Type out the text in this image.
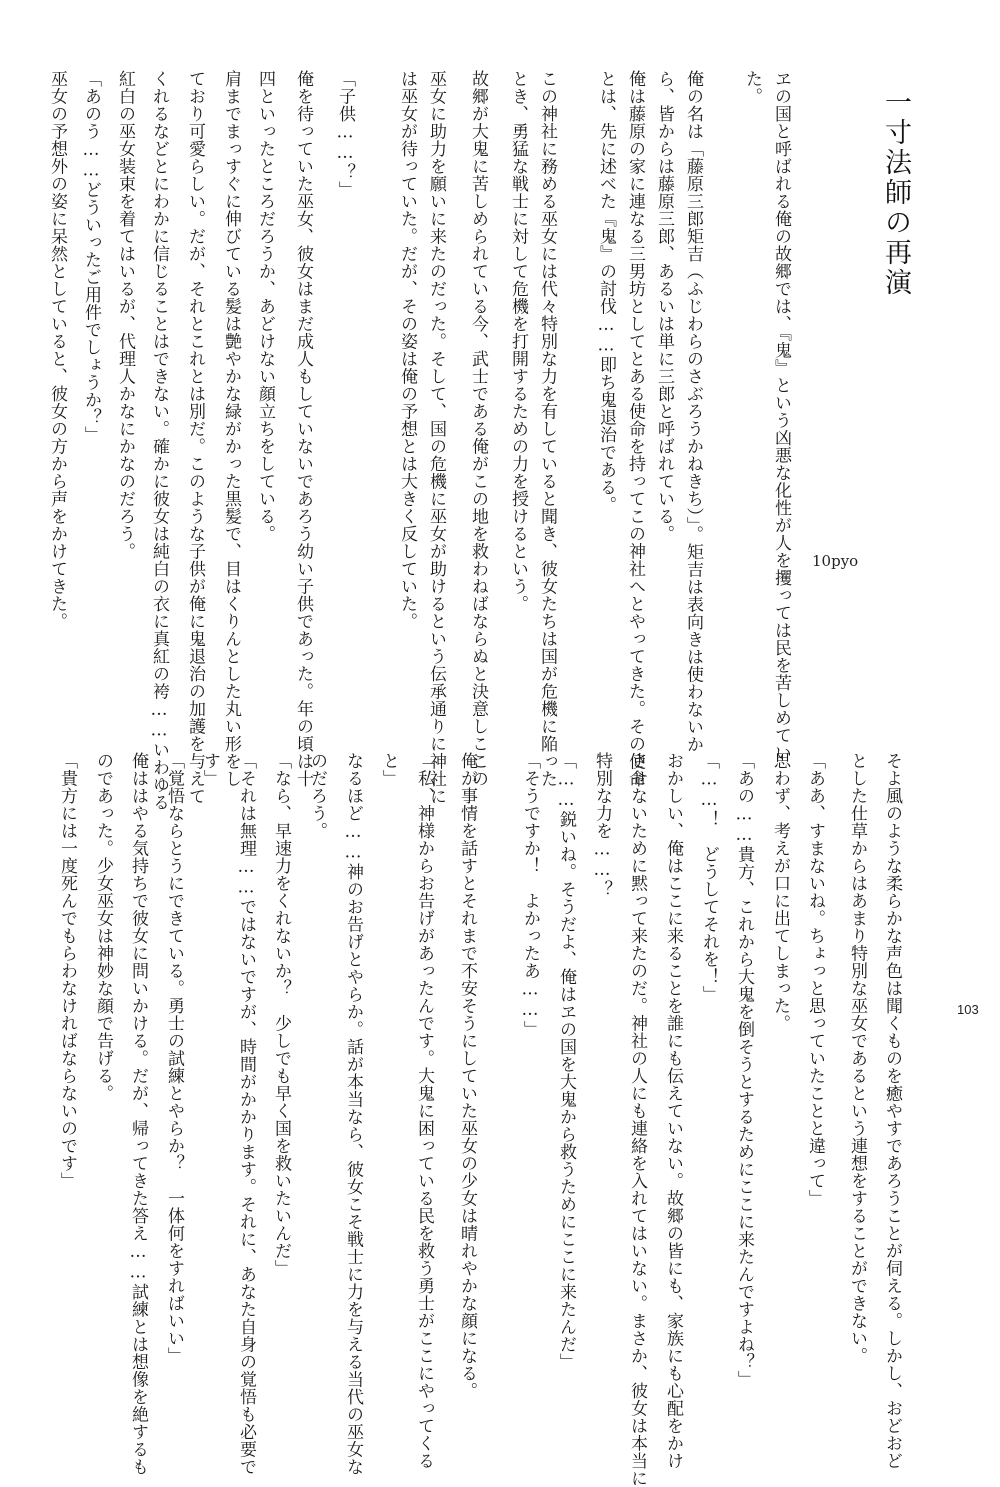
一寸法師の再演
10pyo
ヱの国と呼ばれる俺の故郷では、『鬼』という凶悪な化性が人を攫っては民を苦しめてい
た。
俺の名は「藤原三郎矩吉（ふじわらのさぶろうかねきち）」。矩吉は表向きは使わないか
ら、皆からは藤原三郎、あるいは単に三郎と呼ばれている。
俺は藤原の家に連なる三男坊としてとある使命を持ってこの神社へとやってきた。その使命
とは、先に述べた『鬼』の討伐……即ち鬼退治である。
この神社に務める巫女には代々特別な力を有していると聞き、彼女たちは国が危機に陥った
とき、勇猛な戦士に対して危機を打開するための力を授けるという。
故郷が大鬼に苦しめられている今、武士である俺がこの地を救わねばならぬと決意しここの
巫女に助力を願いに来たのだった。そして、国の危機に巫女が助けるという伝承通りに神社に
は巫女が待っていた。だが、その姿は俺の予想とは大きく反していた。
「子供……？」
俺を待っていた巫女、彼女はまだ成人もしていないであろう幼い子供であった。年の頃は十
四といったところだろうか、あどけない顔立ちをしている。
肩までまっすぐに伸びている髪は艶やかな緑がかった黒髪で、目はくりんとした丸い形をし
ており可愛らしい。だが、それとこれとは別だ。このような子供が俺に鬼退治の加護を与えて
くれるなどとにわかに信じることはできない。確かに彼女は純白の衣に真紅の袴……いわゆる
紅白の巫女装束を着てはいるが、代理人かなにかなのだろう。
「あのう……どういったご用件でしょうか？」
巫女の予想外の姿に呆然としていると、彼女の方から声をかけてきた。
そよ風のような柔らかな声色は聞くものを癒やすであろうことが伺える。しかし、おどおど
とした仕草からはあまり特別な巫女であるという連想をすることができない。
「ああ、すまないね。ちょっと思っていたことと違って」
思わず、考えが口に出てしまった。
「あの……貴方、これから大鬼を倒そうとするためにここに来たんですよね？」
「……！　どうしてそれを！」
おかしい、俺はここに来ることを誰にも伝えていない。故郷の皆にも、家族にも心配をかけ
させないために黙って来たのだ。神社の人にも連絡を入れてはいない。まさか、彼女は本当に
特別な力を……？
「……鋭いね。そうだよ、俺はヱの国を大鬼から救うためにここに来たんだ」
「そうですか！　よかったあ……」
俺が事情を話すとそれまで不安そうにしていた巫女の少女は晴れやかな顔になる。
「私、神様からお告げがあったんです。大鬼に困っている民を救う勇士がここにやってくる
と」
なるほど……神のお告げとやらか。話が本当なら、彼女こそ戦士に力を与える当代の巫女な
のだろう。
「なら、早速力をくれないか？　少しでも早く国を救いたいんだ」
「それは無理……ではないですが、時間がかかります。それに、あなた自身の覚悟も必要で
す」
「覚悟ならとうにできている。勇士の試練とやらか？　一体何をすればいい」
俺ははやる気持ちで彼女に問いかける。だが、帰ってきた答え……試練とは想像を絶するも
のであった。少女巫女は神妙な顔で告げる。
「貴方には一度死んでもらわなければならないのです」	103
